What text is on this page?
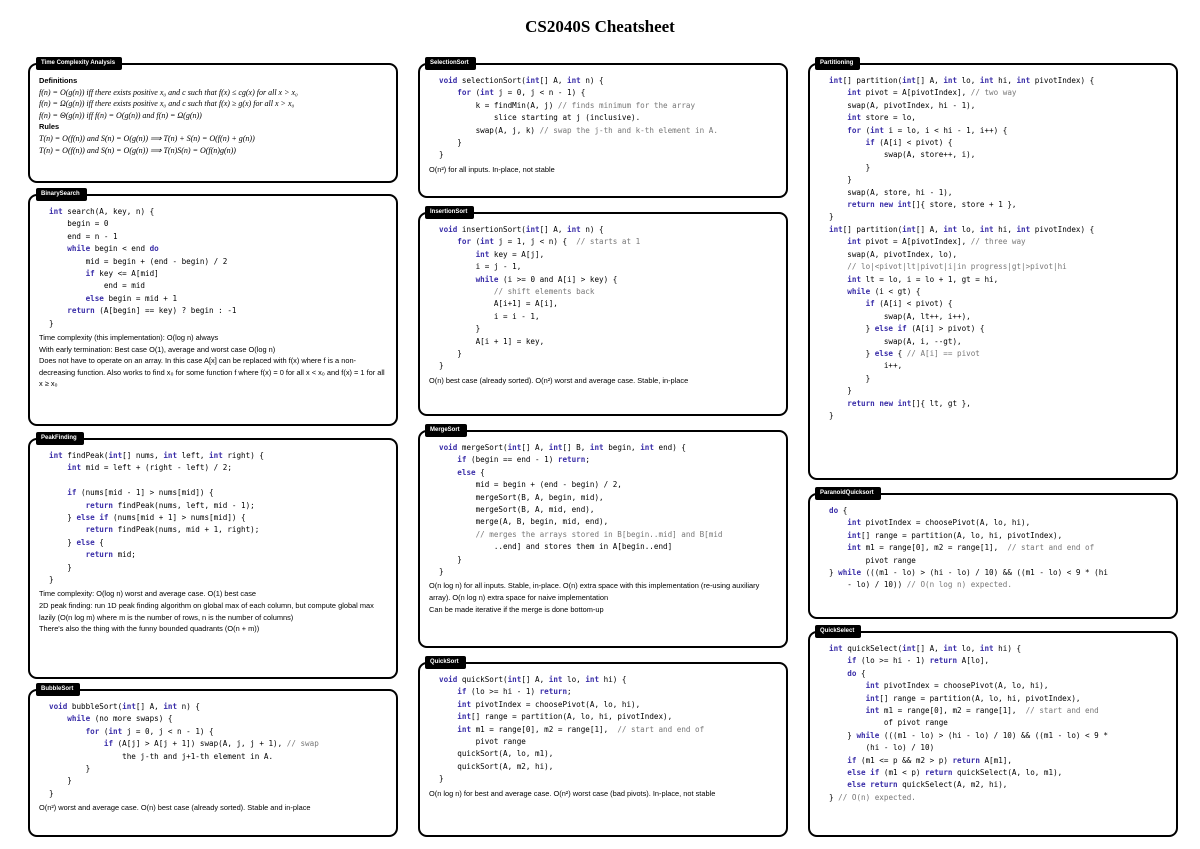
CS2040S Cheatsheet
Time Complexity Analysis
Definitions
f(n) = O(g(n)) iff there exists positive x₀ and c such that f(x) ≤ cg(x) for all x > x₀
f(n) = Ω(g(n)) iff there exists positive x₀ and c such that f(x) ≥ g(x) for all x > x₀
f(n) = Θ(g(n)) iff f(n) = O(g(n)) and f(n) = Ω(g(n))
Rules
T(n) = O(f(n)) and S(n) = O(g(n)) ⟹ T(n) + S(n) = O(f(n) + g(n))
T(n) = O(f(n)) and S(n) = O(g(n)) ⟹ T(n)S(n) = O(f(n)g(n))
BinarySearch
int search(A, key, n) {
begin = 0
end = n - 1
while begin < end do
mid = begin + (end - begin) / 2
if key <= A[mid]
end = mid
else begin = mid + 1
return (A[begin] == key) ? begin : -1
}
Time complexity (this implementation): O(log n) always
With early termination: Best case O(1), average and worst case O(log n)
Does not have to operate on an array. In this case A[x] can be replaced with f(x) where f is a non-decreasing function. Also works to find x₀ for some function f where f(x) = 0 for all x < x₀ and f(x) = 1 for all x ≥ x₀
PeakFinding
int findPeak(int[] nums, int left, int right) {
int mid = left + (right - left) / 2;

if (nums[mid - 1] > nums[mid]) {
return findPeak(nums, left, mid - 1);
} else if (nums[mid + 1] > nums[mid]) {
return findPeak(nums, mid + 1, right);
} else {
return mid;
}
}
Time complexity: O(log n) worst and average case. O(1) best case
2D peak finding: run 1D peak finding algorithm on global max of each column, but compute global max lazily (O(n log m) where m is the number of rows, n is the number of columns)
There's also the thing with the funny bounded quadrants (O(n + m))
BubbleSort
void bubbleSort(int[] A, int n) {
while (no more swaps) {
for (int j = 0, j < n - 1) {
if (A[j] > A[j + 1]) swap(A, j, j + 1), // swap
the j-th and j+1-th element in A.
}
}
}
O(n²) worst and average case. O(n) best case (already sorted). Stable and in-place
SelectionSort
void selectionSort(int[] A, int n) {
for (int j = 0, j < n - 1) {
k = findMin(A, j) // finds minimum for the array
slice starting at j (inclusive).
swap(A, j, k) // swap the j-th and k-th element in A.
}
}
O(n²) for all inputs. In-place, not stable
InsertionSort
void insertionSort(int[] A, int n) {
for (int j = 1, j < n) {  // starts at 1
int key = A[j],
i = j - 1,
while (i >= 0 and A[i] > key) {
// shift elements back
A[i+1] = A[i],
i = i - 1,
}
A[i + 1] = key,
}
}
O(n) best case (already sorted). O(n²) worst and average case. Stable, in-place
MergeSort
void mergeSort(int[] A, int[] B, int begin, int end) {
if (begin == end - 1) return;
else {
mid = begin + (end - begin) / 2,
mergeSort(B, A, begin, mid),
mergeSort(B, A, mid, end),
merge(A, B, begin, mid, end),
// merges the arrays stored in B[begin..mid] and B[mid
..end] and stores them in A[begin..end]
}
}
O(n log n) for all inputs. Stable, in-place. O(n) extra space with this implementation (re-using auxiliary array). O(n log n) extra space for naive implementation
Can be made iterative if the merge is done bottom-up
QuickSort
void quickSort(int[] A, int lo, int hi) {
if (lo >= hi - 1) return;
int pivotIndex = choosePivot(A, lo, hi),
int[] range = partition(A, lo, hi, pivotIndex),
int m1 = range[0], m2 = range[1],  // start and end of
pivot range
quickSort(A, lo, m1),
quickSort(A, m2, hi),
}
O(n log n) for best and average case. O(n²) worst case (bad pivots). In-place, not stable
Partitioning
int[] partition(int[] A, int lo, int hi, int pivotIndex) {
int pivot = A[pivotIndex], // two way
swap(A, pivotIndex, hi - 1),
int store = lo,
for (int i = lo, i < hi - 1, i++) {
if (A[i] < pivot) {
swap(A, store++, i),
}
}
swap(A, store, hi - 1),
return new int[]{ store, store + 1 },
}
int[] partition(int[] A, int lo, int hi, int pivotIndex) {
int pivot = A[pivotIndex], // three way
swap(A, pivotIndex, lo),
// lo|<pivot|lt|pivot|i|in progress|gt|>pivot|hi
int lt = lo, i = lo + 1, gt = hi,
while (i < gt) {
if (A[i] < pivot) {
swap(A, lt++, i++),
} else if (A[i] > pivot) {
swap(A, i, --gt),
} else { // A[i] == pivot
i++,
}
}
return new int[]{ lt, gt },
}
ParanoidQuicksort
do {
int pivotIndex = choosePivot(A, lo, hi),
int[] range = partition(A, lo, hi, pivotIndex),
int m1 = range[0], m2 = range[1],  // start and end of
pivot range
} while (((m1 - lo) > (hi - lo) / 10) && ((m1 - lo) < 9 * (hi
- lo) / 10)) // O(n log n) expected.
QuickSelect
int quickSelect(int[] A, int lo, int hi) {
if (lo >= hi - 1) return A[lo],
do {
int pivotIndex = choosePivot(A, lo, hi),
int[] range = partition(A, lo, hi, pivotIndex),
int m1 = range[0], m2 = range[1],  // start and end
of pivot range
} while (((m1 - lo) > (hi - lo) / 10) && ((m1 - lo) < 9 *
(hi - lo) / 10)
if (m1 <= p && m2 > p) return A[m1],
else if (m1 < p) return quickSelect(A, lo, m1),
else return quickSelect(A, m2, hi),
} // O(n) expected.
